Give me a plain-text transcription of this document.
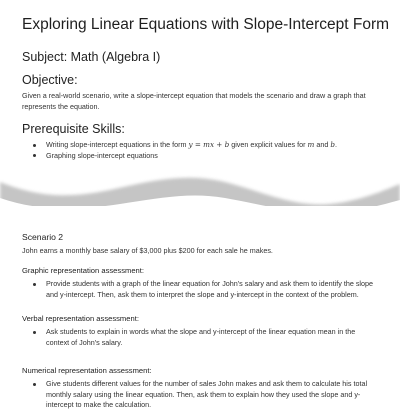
Exploring Linear Equations with Slope-Intercept Form
Subject: Math (Algebra I)
Objective:
Given a real-world scenario, write a slope-intercept equation that models the scenario and draw a graph that represents the equation.
Prerequisite Skills:
Writing slope-intercept equations in the form y = mx + b given explicit values for m and b.
Graphing slope-intercept equations
Scenario 2
John earns a monthly base salary of $3,000 plus $200 for each sale he makes.
Graphic representation assessment:
Provide students with a graph of the linear equation for John's salary and ask them to identify the slope and y-intercept. Then, ask them to interpret the slope and y-intercept in the context of the problem.
Verbal representation assessment:
Ask students to explain in words what the slope and y-intercept of the linear equation mean in the context of John's salary.
Numerical representation assessment:
Give students different values for the number of sales John makes and ask them to calculate his total monthly salary using the linear equation. Then, ask them to explain how they used the slope and y-intercept to make the calculation.
